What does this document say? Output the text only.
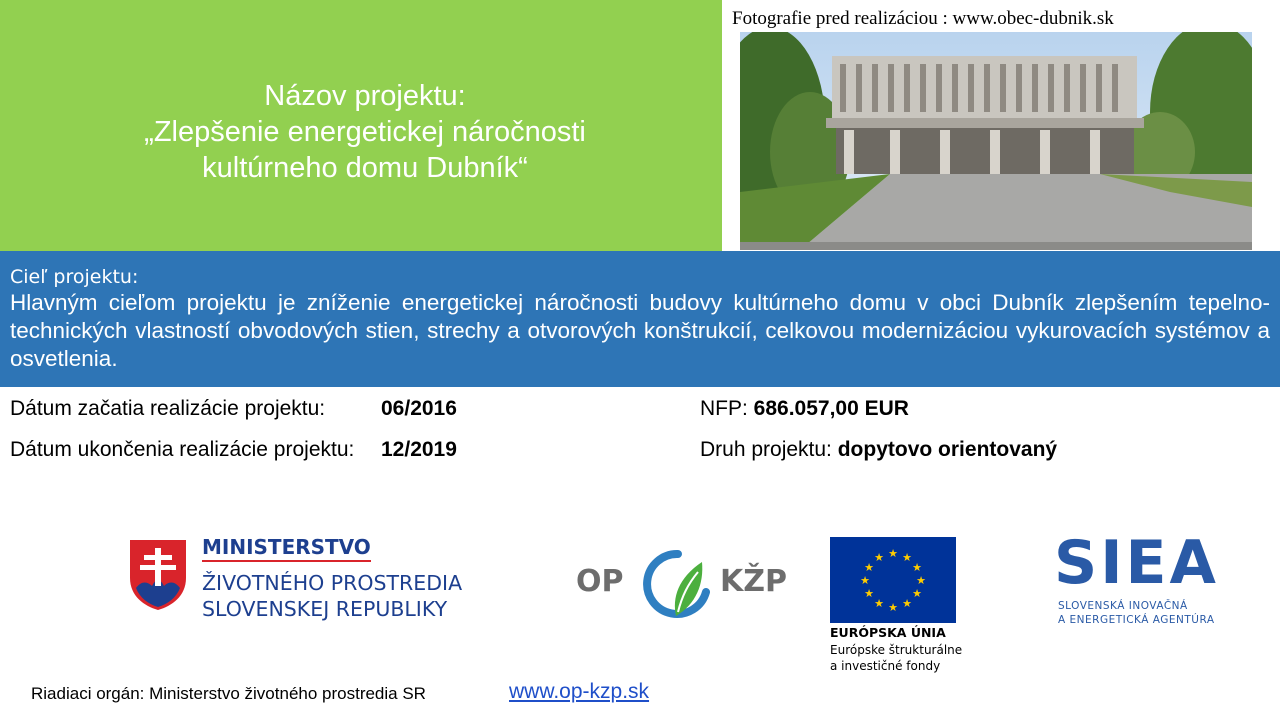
Názov projektu:
„Zlepšenie energetickej náročnosti
kultúrneho domu Dubník“
Fotografie pred realizáciou : www.obec-dubnik.sk
Cieľ projektu:
Hlavným cieľom projektu je zníženie energetickej náročnosti budovy kultúrneho domu v obci Dubník zlepšením tepelno-technických vlastností obvodových stien, strechy a otvorových konštrukcií, celkovou modernizáciou vykurovacích systémov a osvetlenia.
Dátum začatia realizácie projektu:	06/2016	NFP: 686.057,00 EUR
Dátum ukončenia realizácie projektu: 12/2019	Druh projektu: dopytovo orientovaný
MINISTERSTVO
ŽIVOTNÉHO PROSTREDIA
SLOVENSKEJ REPUBLIKY
OP	KŽP
★ ★
★
★
★
★
★
★
★
★
★
★
EURÓPSKA ÚNIA
Európske štrukturálne
a investičné fondy
SIEA
SLOVENSKÁ INOVAČNÁ
A ENERGETICKÁ AGENTÚRA
Riadiaci orgán: Ministerstvo životného prostredia SR	www.op-kzp.sk
